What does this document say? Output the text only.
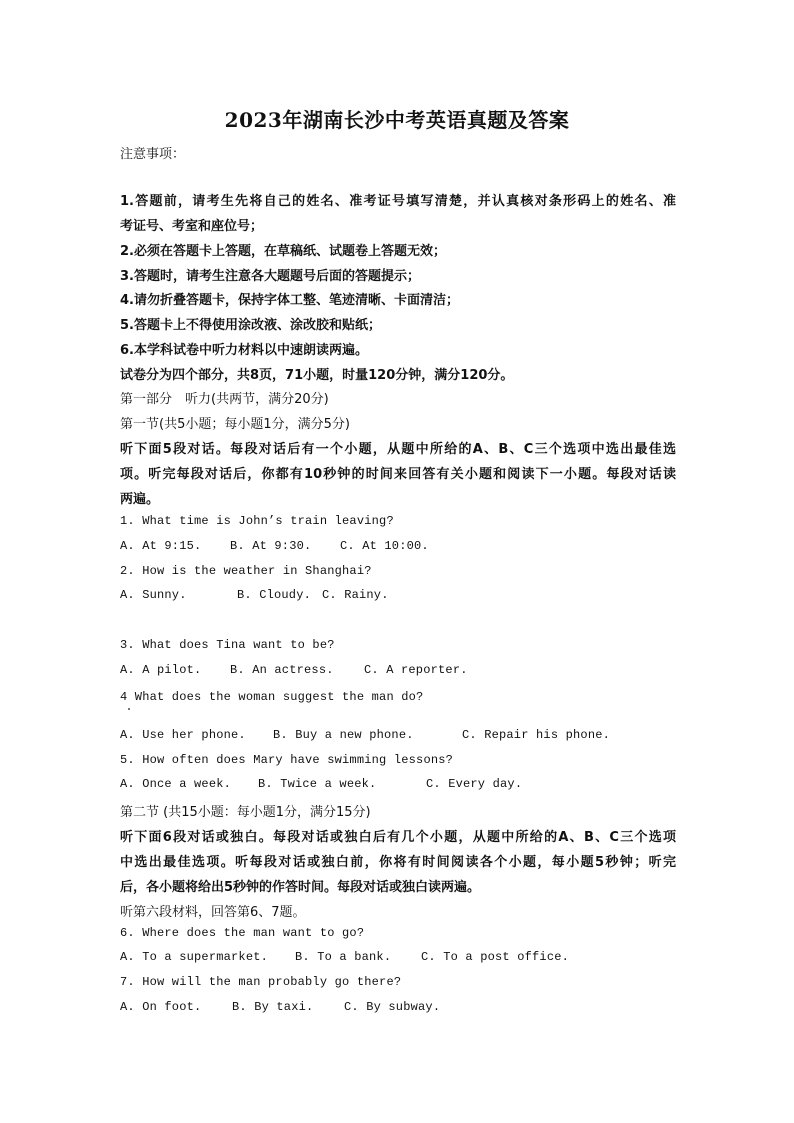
2023年湖南长沙中考英语真题及答案
注意事项：
1.答题前，请考生先将自己的姓名、准考证号填写清楚，并认真核对条形码上的姓名、准
考证号、考室和座位号；
2.必须在答题卡上答题，在草稿纸、试题卷上答题无效；
3.答题时，请考生注意各大题题号后面的答题提示；
4.请勿折叠答题卡，保持字体工整、笔迹清晰、卡面清洁；
5.答题卡上不得使用涂改液、涂改胶和贴纸；
6.本学科试卷中听力材料以中速朗读两遍。
试卷分为四个部分，共8页，71小题，时量120分钟，满分120分。
第一部分　听力(共两节，满分20分)
第一节(共5小题；每小题1分，满分5分)
听下面5段对话。每段对话后有一个小题，从题中所给的A、B、C三个选项中选出最佳选
项。听完每段对话后，你都有10秒钟的时间来回答有关小题和阅读下一小题。每段对话读
两遍。
1. What time is John’s train leaving?
A. At 9:15. B. At 9:30. C. At 10:00.
2. How is the weather in Shanghai?
A. Sunny.	B. Cloudy. C. Rainy.
3. What does Tina want to be?
A. A pilot. B. An actress.	C. A reporter.
4 What does the woman suggest the man do?
A. Use her phone. B. Buy a new phone.	C. Repair his phone.
5. How often does Mary have swimming lessons?
A. Once a week. B. Twice a week.	C. Every day.
第二节 (共15小题：每小题1分，满分15分)
听下面6段对话或独白。每段对话或独白后有几个小题，从题中所给的A、B、C三个选项
中选出最佳选项。听每段对话或独白前，你将有时间阅读各个小题，每小题5秒钟；听完
后，各小题将给出5秒钟的作答时间。每段对话或独白读两遍。
听第六段材料，回答第6、7题。
6. Where does the man want to go?
A. To a supermarket. B. To a bank. C. To a post office.
7. How will the man probably go there?
A. On foot.	B. By taxi.	C. By subway.
